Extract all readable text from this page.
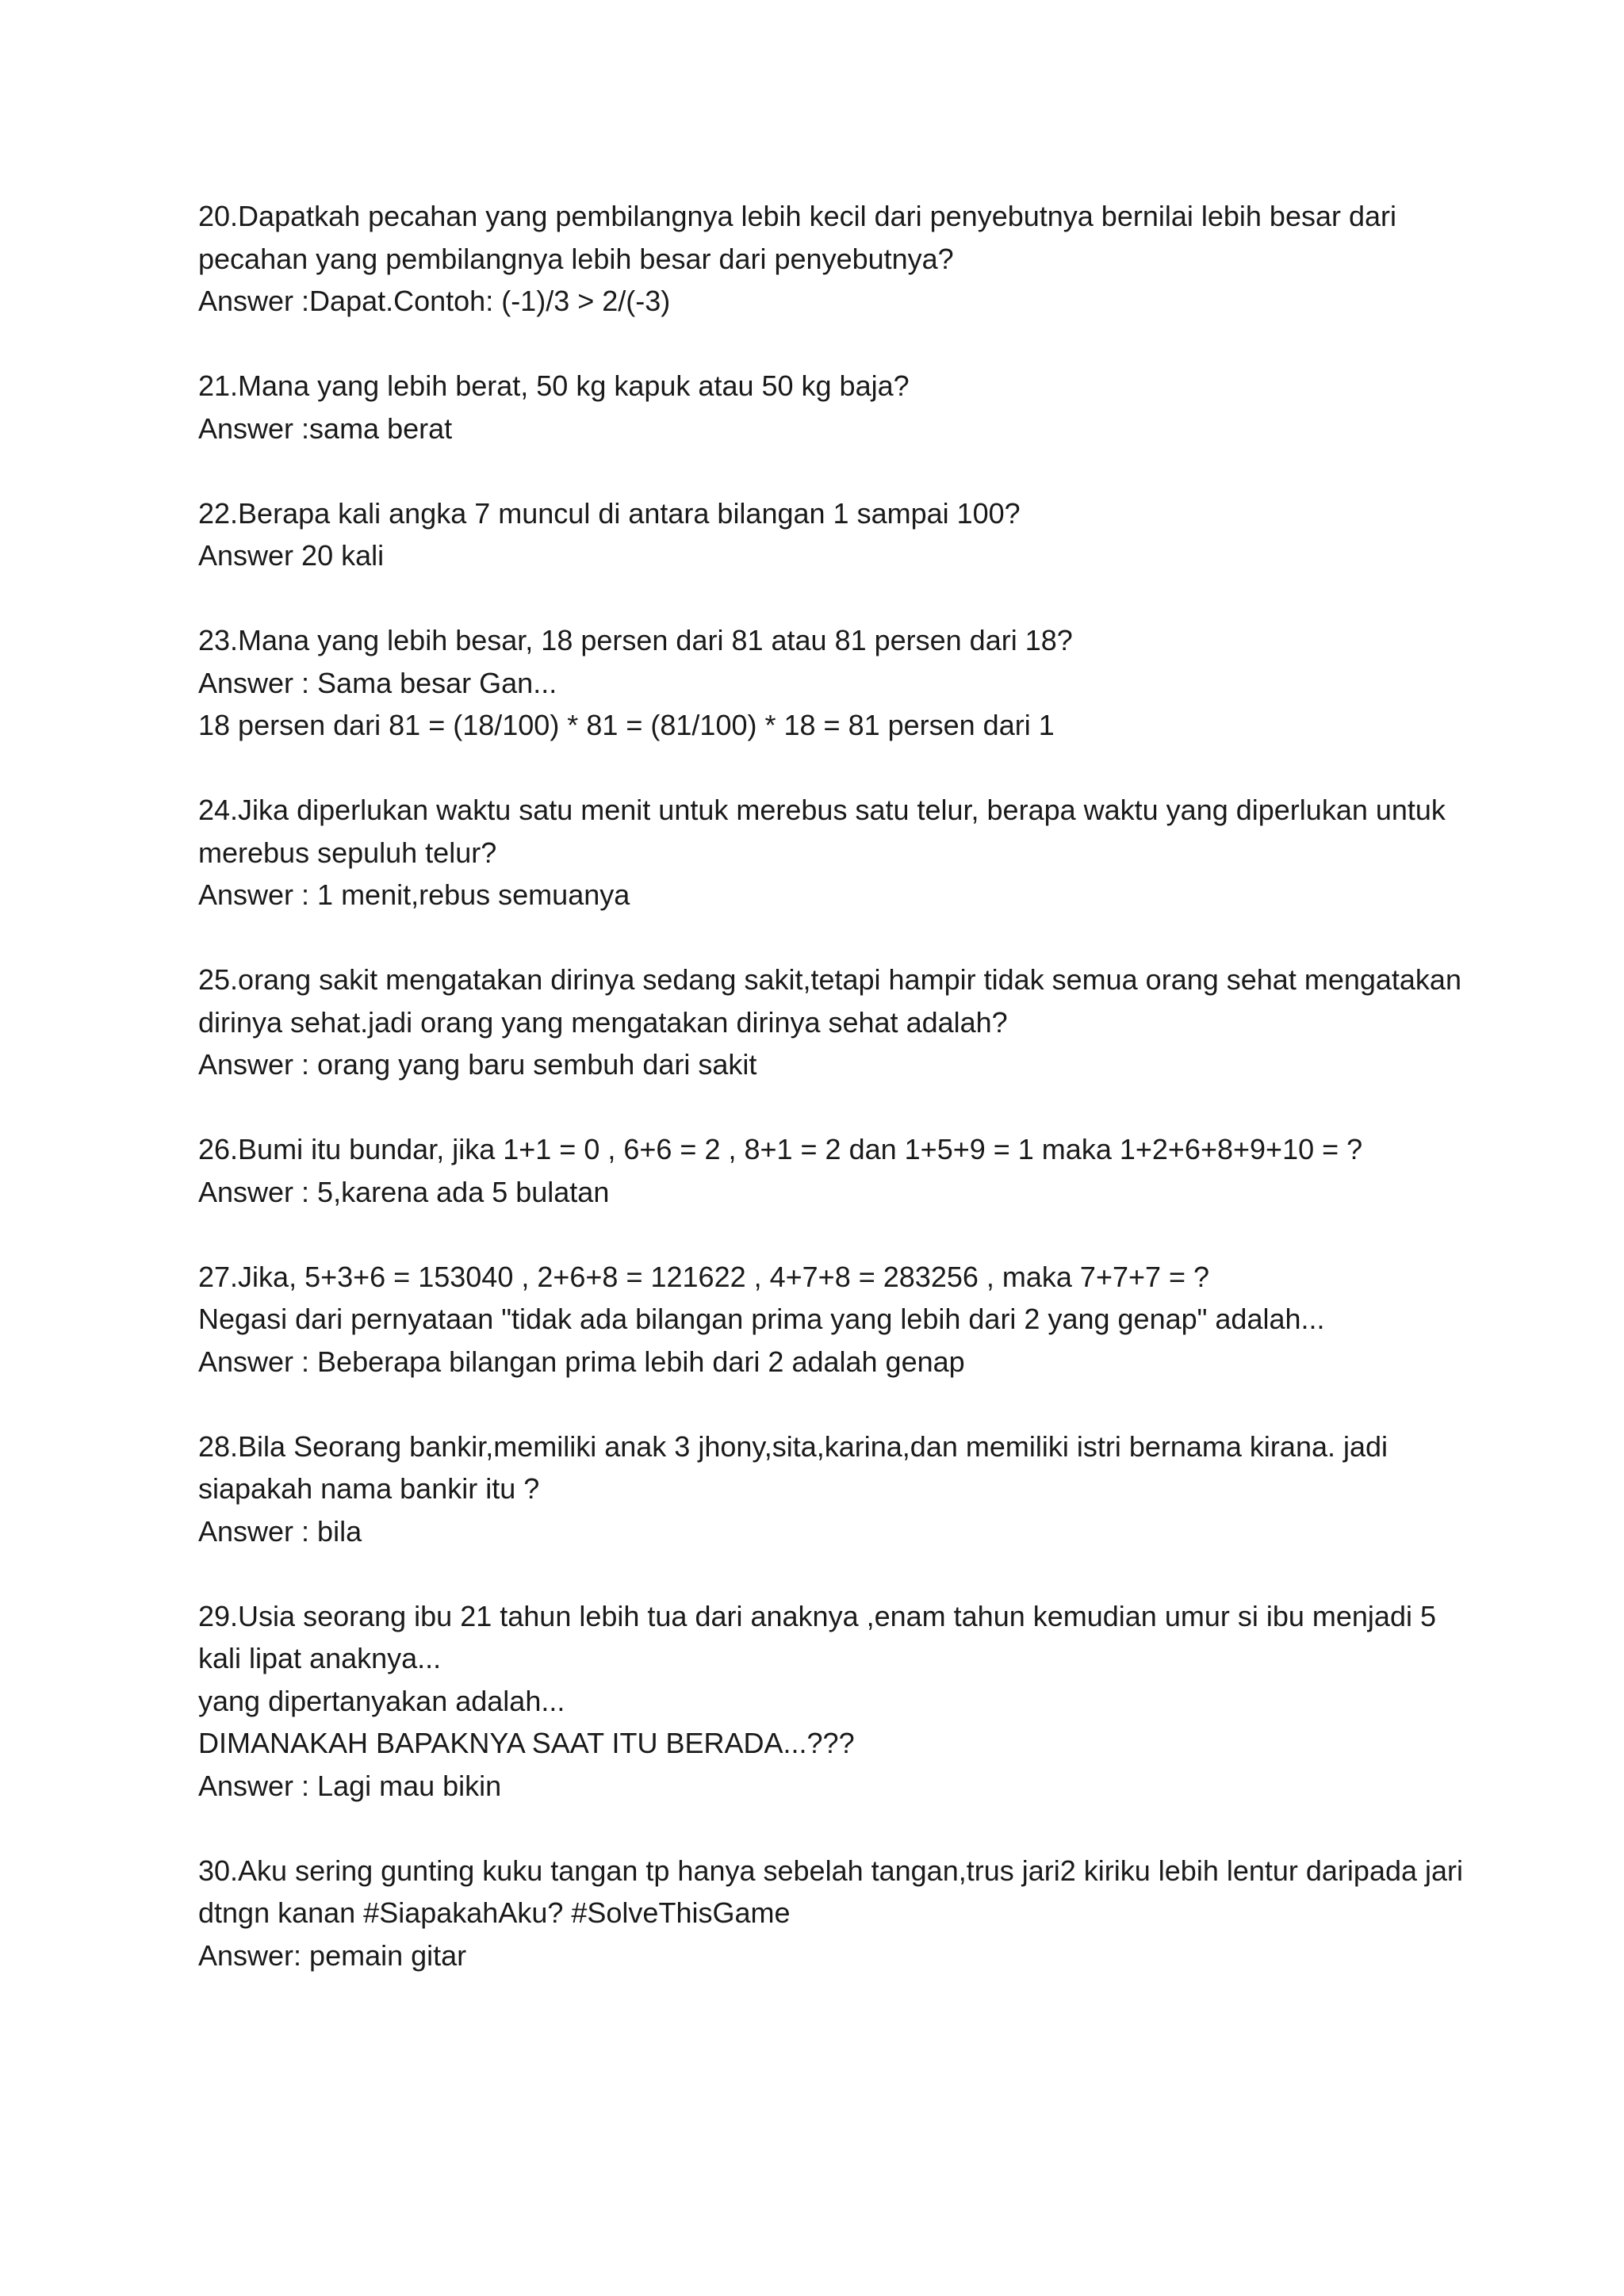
20.Dapatkah pecahan yang pembilangnya lebih kecil dari penyebutnya bernilai lebih besar dari
pecahan yang pembilangnya lebih besar dari penyebutnya?
Answer :Dapat.Contoh: (-1)/3 > 2/(-3)
21.Mana yang lebih berat, 50 kg kapuk atau 50 kg baja?
Answer :sama berat
22.Berapa kali angka 7 muncul di antara bilangan 1 sampai 100?
Answer 20 kali
23.Mana yang lebih besar, 18 persen dari 81 atau 81 persen dari 18?
Answer : Sama besar Gan...
18 persen dari 81 = (18/100) * 81 = (81/100) * 18 = 81 persen dari 1
24.Jika diperlukan waktu satu menit untuk merebus satu telur, berapa waktu yang diperlukan untuk
merebus sepuluh telur?
Answer : 1 menit,rebus semuanya
25.orang sakit mengatakan dirinya sedang sakit,tetapi hampir tidak semua orang sehat mengatakan
dirinya sehat.jadi orang yang mengatakan dirinya sehat adalah?
Answer : orang yang baru sembuh dari sakit
26.Bumi itu bundar, jika 1+1 = 0 , 6+6 = 2 , 8+1 = 2 dan 1+5+9 = 1 maka 1+2+6+8+9+10 = ?
Answer : 5,karena ada 5 bulatan
27.Jika, 5+3+6 = 153040 , 2+6+8 = 121622 , 4+7+8 = 283256 , maka 7+7+7 = ?
Negasi dari pernyataan "tidak ada bilangan prima yang lebih dari 2 yang genap" adalah...
Answer : Beberapa bilangan prima lebih dari 2 adalah genap
28.Bila Seorang bankir,memiliki anak 3 jhony,sita,karina,dan memiliki istri bernama kirana. jadi
siapakah nama bankir itu ?
Answer : bila
29.Usia seorang ibu 21 tahun lebih tua dari anaknya ,enam tahun kemudian umur si ibu menjadi 5
kali lipat anaknya...
yang dipertanyakan adalah...
DIMANAKAH BAPAKNYA SAAT ITU BERADA...???
Answer : Lagi mau bikin
30.Aku sering gunting kuku tangan tp hanya sebelah tangan,trus jari2 kiriku lebih lentur daripada jari
dtngn kanan #SiapakahAku? #SolveThisGame
Answer: pemain gitar
